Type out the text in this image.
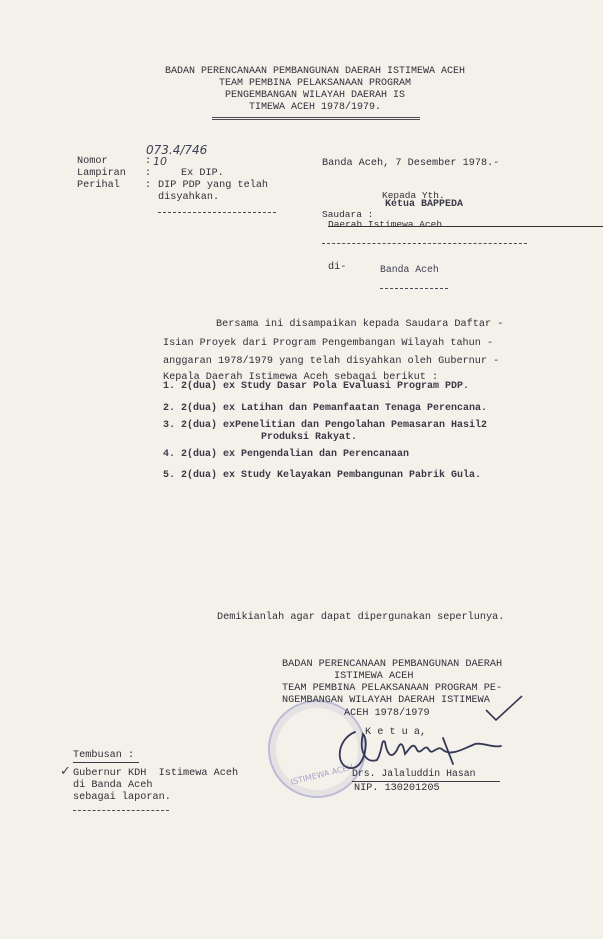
BADAN PERENCANAAN PEMBANGUNAN DAERAH ISTIMEWA ACEH
TEAM PEMBINA PELAKSANAAN PROGRAM
PENGEMBANGAN WILAYAH DAERAH IS
TIMEWA ACEH 1978/1979.
Nomor	:
073.4/746
Lampiran :
10
Ex DIP.
Perihal : DIP PDP yang telah
disyahkan.
Banda Aceh, 7 Desember 1978.-
Kepada Yth.
Ketua BAPPEDA
Saudara :
Daerah Istimewa Aceh
di-	Banda Aceh
Bersama ini disampaikan kepada Saudara Daftar -
Isian Proyek dari Program Pengembangan Wilayah tahun -
anggaran 1978/1979 yang telah disyahkan oleh Gubernur -
Kepala Daerah Istimewa Aceh sebagai berikut :
1. 2(dua) ex Study Dasar Pola Evaluasi Program PDP.
2. 2(dua) ex Latihan dan Pemanfaatan Tenaga Perencana.
3. 2(dua) exPenelitian dan Pengolahan Pemasaran Hasil2
Produksi Rakyat.
4. 2(dua) ex Pengendalian dan Perencanaan
5. 2(dua) ex Study Kelayakan Pembangunan Pabrik Gula.
Demikianlah agar dapat dipergunakan seperlunya.
ISTIMEWA ACEH
BADAN PERENCANAAN PEMBANGUNAN DAERAH
ISTIMEWA ACEH
TEAM PEMBINA PELAKSANAAN PROGRAM PE-
NGEMBANGAN WILAYAH DAERAH ISTIMEWA
ACEH 1978/1979
K e t u a,
Drs. Jalaluddin Hasan
NIP. 130201205
Tembusan :
✓ Gubernur KDH  Istimewa Aceh
di Banda Aceh
sebagai laporan.
